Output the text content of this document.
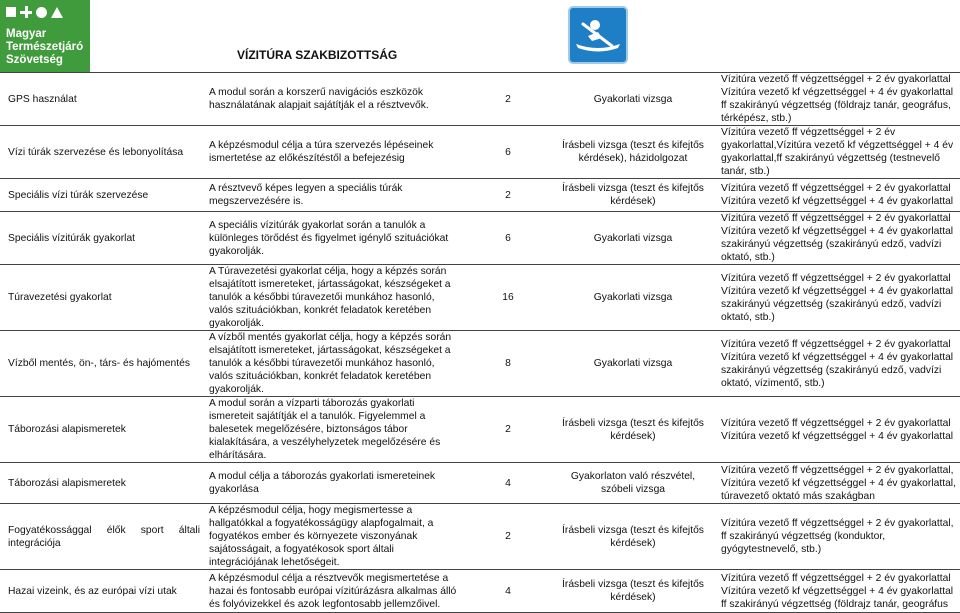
Magyar
Természetjáró
Szövetség	VÍZITÚRA SZAKBIZOTTSÁG
GPS használat	A modul során a korszerű navigációs eszközök használatának alapjait sajátítják el a résztvevők.	2	Gyakorlati vizsga	Vízitúra vezető ff végzettséggel + 2 év gyakorlattal Vízitúra vezető kf végzettséggel + 4 év gyakorlattal ff szakirányú végzettség (földrajz tanár, geográfus, térképész, stb.)
Vízi túrák szervezése és lebonyolítása	A képzésmodul célja a túra szervezés lépéseinek ismertetése az előkészítéstől a befejezésig	6	Írásbeli vizsga (teszt és kifejtős kérdések), házidolgozat	Vízitúra vezető ff végzettséggel + 2 év gyakorlattal,Vízitúra vezető kf végzettséggel + 4 év gyakorlattal,ff szakirányú végzettség (testnevelő tanár, stb.)
Speciális vízi túrák szervezése	A résztvevő képes legyen a speciális túrák megszervezésére is.	2	Írásbeli vizsga (teszt és kifejtős kérdések)	Vízitúra vezető ff végzettséggel + 2 év gyakorlattal Vízitúra vezető kf végzettséggel + 4 év gyakorlattal
Speciális vízitúrák gyakorlat	A speciális vízitúrák gyakorlat során a tanulók a különleges törődést és figyelmet igénylő szituációkat gyakorolják.	6	Gyakorlati vizsga	Vízitúra vezető ff végzettséggel + 2 év gyakorlattal Vízitúra vezető kf végzettséggel + 4 év gyakorlattal szakirányú végzettség (szakirányú edző, vadvízi oktató, stb.)
Túravezetési gyakorlat	A Túravezetési gyakorlat célja, hogy a képzés során elsajátított ismereteket, jártasságokat, készségeket a tanulók a későbbi túravezetői munkához hasonló, valós szituációkban, konkrét feladatok keretében gyakorolják.	16	Gyakorlati vizsga	Vízitúra vezető ff végzettséggel + 2 év gyakorlattal Vízitúra vezető kf végzettséggel + 4 év gyakorlattal szakirányú végzettség (szakirányú edző, vadvízi oktató, stb.)
Vízből mentés, ön-, társ- és hajómentés	A vízből mentés gyakorlat célja, hogy a képzés során elsajátított ismereteket, jártasságokat, készségeket a tanulók a későbbi túravezetői munkához hasonló, valós szituációkban, konkrét feladatok keretében gyakorolják.	8	Gyakorlati vizsga	Vízitúra vezető ff végzettséggel + 2 év gyakorlattal Vízitúra vezető kf végzettséggel + 4 év gyakorlattal szakirányú végzettség (szakirányú edző, vadvízi oktató, vízimentő, stb.)
Táborozási alapismeretek	A modul során a vízparti táborozás gyakorlati ismereteit sajátítják el a tanulók. Figyelemmel a balesetek megelőzésére, biztonságos tábor kialakítására, a veszélyhelyzetek megelőzésére és elhárítására.	2	Írásbeli vizsga (teszt és kifejtős kérdések)	Vízitúra vezető ff végzettséggel + 2 év gyakorlattal Vízitúra vezető kf végzettséggel + 4 év gyakorlattal
Táborozási alapismeretek	A modul célja a táborozás gyakorlati ismereteinek gyakorlása	4	Gyakorlaton való részvétel, szóbeli vizsga	Vízitúra vezető ff végzettséggel + 2 év gyakorlattal, Vízitúra vezető kf végzettséggel + 4 év gyakorlattal, túravezető oktató más szakágban
Fogyatékossággal élők sport általi integrációja	A képzésmodul célja, hogy megismertesse a hallgatókkal a fogyatékosságügy alapfogalmait, a fogyatékos ember és környezete viszonyának sajátosságait, a fogyatékosok sport általi integrációjának lehetőségeit.	2	Írásbeli vizsga (teszt és kifejtős kérdések)	Vízitúra vezető ff végzettséggel + 2 év gyakorlattal, ff szakirányú végzettség (konduktor, gyógytestnevelő, stb.)
Hazai vizeink, és az európai vízi utak	A képzésmodul célja a résztvevők megismertetése a hazai és fontosabb európai vízitúrázásra alkalmas álló és folyóvizekkel és azok legfontosabb jellemzőivel.	4	Írásbeli vizsga (teszt és kifejtős kérdések)	Vízitúra vezető ff végzettséggel + 2 év gyakorlattal Vízitúra vezető kf végzettséggel + 4 év gyakorlattal ff szakirányú végzettség (földrajz tanár, geográfus
